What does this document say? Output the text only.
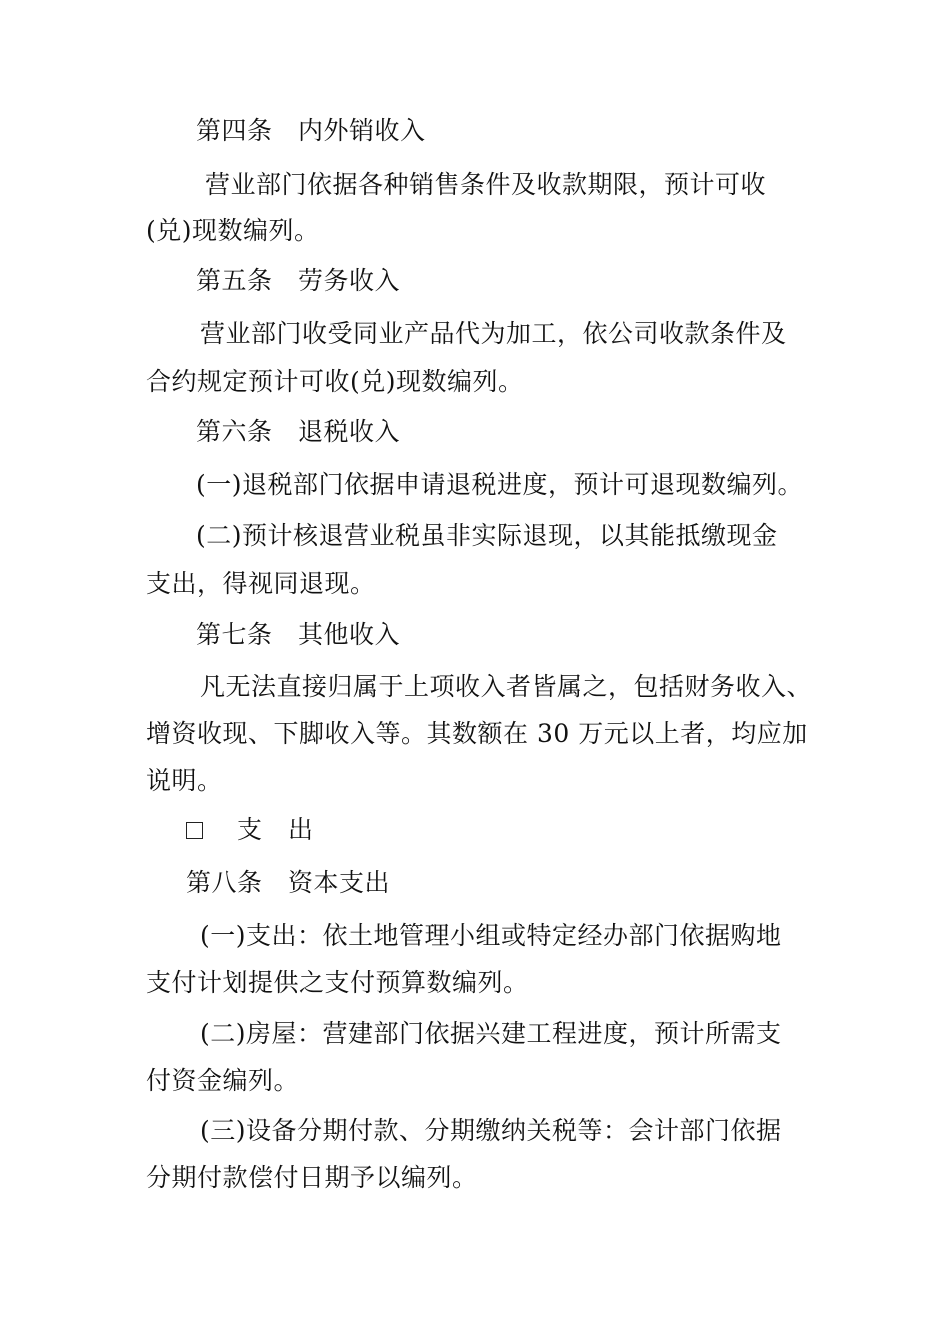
第四条　内外销收入
营业部门依据各种销售条件及收款期限，预计可收
(兑)现数编列。
第五条　劳务收入
营业部门收受同业产品代为加工，依公司收款条件及
合约规定预计可收(兑)现数编列。
第六条　退税收入
(一)退税部门依据申请退税进度，预计可退现数编列。
(二)预计核退营业税虽非实际退现，以其能抵缴现金
支出，得视同退现。
第七条　其他收入
凡无法直接归属于上项收入者皆属之，包括财务收入、
增资收现、下脚收入等。其数额在 30 万元以上者，均应加
说明。
支　出
第八条　资本支出
(一)支出：依土地管理小组或特定经办部门依据购地
支付计划提供之支付预算数编列。
(二)房屋：营建部门依据兴建工程进度，预计所需支
付资金编列。
(三)设备分期付款、分期缴纳关税等：会计部门依据
分期付款偿付日期予以编列。
